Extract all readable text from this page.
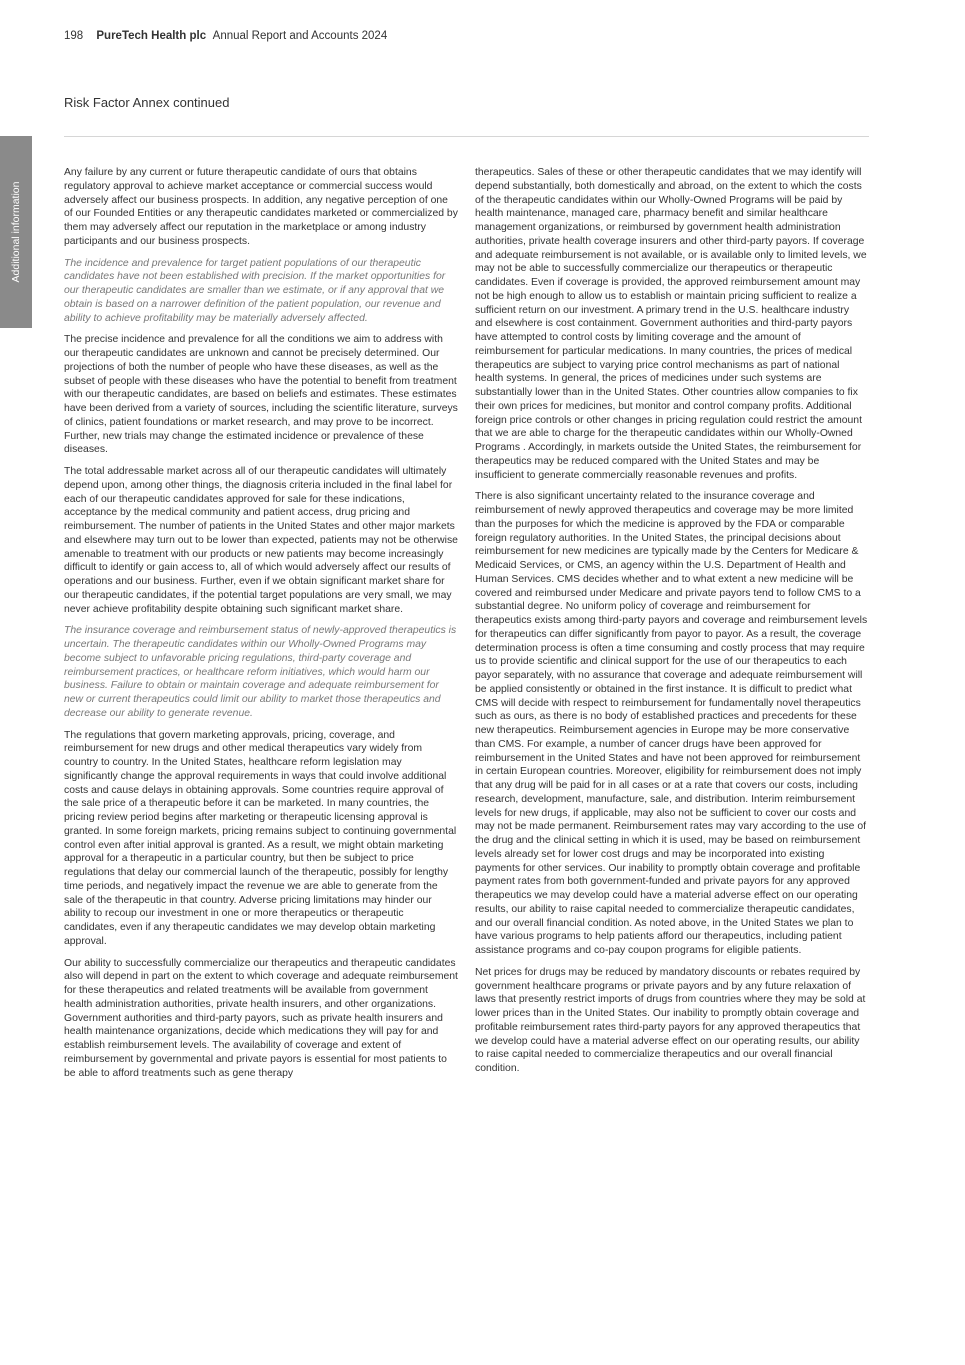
198 PureTech Health plc Annual Report and Accounts 2024
Risk Factor Annex continued
Additional information

Any failure by any current or future therapeutic candidate of ours that obtains regulatory approval to achieve market acceptance or commercial success would adversely affect our business prospects. In addition, any negative perception of one of our Founded Entities or any therapeutic candidates marketed or commercialized by them may adversely affect our reputation in the marketplace or among industry participants and our business prospects.

The incidence and prevalence for target patient populations of our therapeutic candidates have not been established with precision. If the market opportunities for our therapeutic candidates are smaller than we estimate, or if any approval that we obtain is based on a narrower definition of the patient population, our revenue and ability to achieve profitability may be materially adversely affected.

The precise incidence and prevalence for all the conditions we aim to address with our therapeutic candidates are unknown and cannot be precisely determined. Our projections of both the number of people who have these diseases, as well as the subset of people with these diseases who have the potential to benefit from treatment with our therapeutic candidates, are based on beliefs and estimates. These estimates have been derived from a variety of sources, including the scientific literature, surveys of clinics, patient foundations or market research, and may prove to be incorrect. Further, new trials may change the estimated incidence or prevalence of these diseases.

The total addressable market across all of our therapeutic candidates will ultimately depend upon, among other things, the diagnosis criteria included in the final label for each of our therapeutic candidates approved for sale for these indications, acceptance by the medical community and patient access, drug pricing and reimbursement. The number of patients in the United States and other major markets and elsewhere may turn out to be lower than expected, patients may not be otherwise amenable to treatment with our products or new patients may become increasingly difficult to identify or gain access to, all of which would adversely affect our results of operations and our business. Further, even if we obtain significant market share for our therapeutic candidates, if the potential target populations are very small, we may never achieve profitability despite obtaining such significant market share.

The insurance coverage and reimbursement status of newly-approved therapeutics is uncertain. The therapeutic candidates within our Wholly-Owned Programs may become subject to unfavorable pricing regulations, third-party coverage and reimbursement practices, or healthcare reform initiatives, which would harm our business. Failure to obtain or maintain coverage and adequate reimbursement for new or current therapeutics could limit our ability to market those therapeutics and decrease our ability to generate revenue.

The regulations that govern marketing approvals, pricing, coverage, and reimbursement for new drugs and other medical therapeutics vary widely from country to country. In the United States, healthcare reform legislation may significantly change the approval requirements in ways that could involve additional costs and cause delays in obtaining approvals. Some countries require approval of the sale price of a therapeutic before it can be marketed. In many countries, the pricing review period begins after marketing or therapeutic licensing approval is granted. In some foreign markets, pricing remains subject to continuing governmental control even after initial approval is granted. As a result, we might obtain marketing approval for a therapeutic in a particular country, but then be subject to price regulations that delay our commercial launch of the therapeutic, possibly for lengthy time periods, and negatively impact the revenue we are able to generate from the sale of the therapeutic in that country. Adverse pricing limitations may hinder our ability to recoup our investment in one or more therapeutics or therapeutic candidates, even if any therapeutic candidates we may develop obtain marketing approval.

Our ability to successfully commercialize our therapeutics and therapeutic candidates also will depend in part on the extent to which coverage and adequate reimbursement for these therapeutics and related treatments will be available from government health administration authorities, private health insurers, and other organizations. Government authorities and third-party payors, such as private health insurers and health maintenance organizations, decide which medications they will pay for and establish reimbursement levels. The availability of coverage and extent of reimbursement by governmental and private payors is essential for most patients to be able to afford treatments such as gene therapy

therapeutics. Sales of these or other therapeutic candidates that we may identify will depend substantially, both domestically and abroad, on the extent to which the costs of the therapeutic candidates within our Wholly-Owned Programs will be paid by health maintenance, managed care, pharmacy benefit and similar healthcare management organizations, or reimbursed by government health administration authorities, private health coverage insurers and other third-party payors. If coverage and adequate reimbursement is not available, or is available only to limited levels, we may not be able to successfully commercialize our therapeutics or therapeutic candidates. Even if coverage is provided, the approved reimbursement amount may not be high enough to allow us to establish or maintain pricing sufficient to realize a sufficient return on our investment. A primary trend in the U.S. healthcare industry and elsewhere is cost containment. Government authorities and third-party payors have attempted to control costs by limiting coverage and the amount of reimbursement for particular medications. In many countries, the prices of medical therapeutics are subject to varying price control mechanisms as part of national health systems. In general, the prices of medicines under such systems are substantially lower than in the United States. Other countries allow companies to fix their own prices for medicines, but monitor and control company profits. Additional foreign price controls or other changes in pricing regulation could restrict the amount that we are able to charge for the therapeutic candidates within our Wholly-Owned Programs . Accordingly, in markets outside the United States, the reimbursement for therapeutics may be reduced compared with the United States and may be insufficient to generate commercially reasonable revenues and profits.

There is also significant uncertainty related to the insurance coverage and reimbursement of newly approved therapeutics and coverage may be more limited than the purposes for which the medicine is approved by the FDA or comparable foreign regulatory authorities. In the United States, the principal decisions about reimbursement for new medicines are typically made by the Centers for Medicare & Medicaid Services, or CMS, an agency within the U.S. Department of Health and Human Services. CMS decides whether and to what extent a new medicine will be covered and reimbursed under Medicare and private payors tend to follow CMS to a substantial degree. No uniform policy of coverage and reimbursement for therapeutics exists among third-party payors and coverage and reimbursement levels for therapeutics can differ significantly from payor to payor. As a result, the coverage determination process is often a time consuming and costly process that may require us to provide scientific and clinical support for the use of our therapeutics to each payor separately, with no assurance that coverage and adequate reimbursement will be applied consistently or obtained in the first instance. It is difficult to predict what CMS will decide with respect to reimbursement for fundamentally novel therapeutics such as ours, as there is no body of established practices and precedents for these new therapeutics. Reimbursement agencies in Europe may be more conservative than CMS. For example, a number of cancer drugs have been approved for reimbursement in the United States and have not been approved for reimbursement in certain European countries. Moreover, eligibility for reimbursement does not imply that any drug will be paid for in all cases or at a rate that covers our costs, including research, development, manufacture, sale, and distribution. Interim reimbursement levels for new drugs, if applicable, may also not be sufficient to cover our costs and may not be made permanent. Reimbursement rates may vary according to the use of the drug and the clinical setting in which it is used, may be based on reimbursement levels already set for lower cost drugs and may be incorporated into existing payments for other services. Our inability to promptly obtain coverage and profitable payment rates from both government-funded and private payors for any approved therapeutics we may develop could have a material adverse effect on our operating results, our ability to raise capital needed to commercialize therapeutic candidates, and our overall financial condition. As noted above, in the United States we plan to have various programs to help patients afford our therapeutics, including patient assistance programs and co-pay coupon programs for eligible patients.

Net prices for drugs may be reduced by mandatory discounts or rebates required by government healthcare programs or private payors and by any future relaxation of laws that presently restrict imports of drugs from countries where they may be sold at lower prices than in the United States. Our inability to promptly obtain coverage and profitable reimbursement rates third-party payors for any approved therapeutics that we develop could have a material adverse effect on our operating results, our ability to raise capital needed to commercialize therapeutics and our overall financial condition.
